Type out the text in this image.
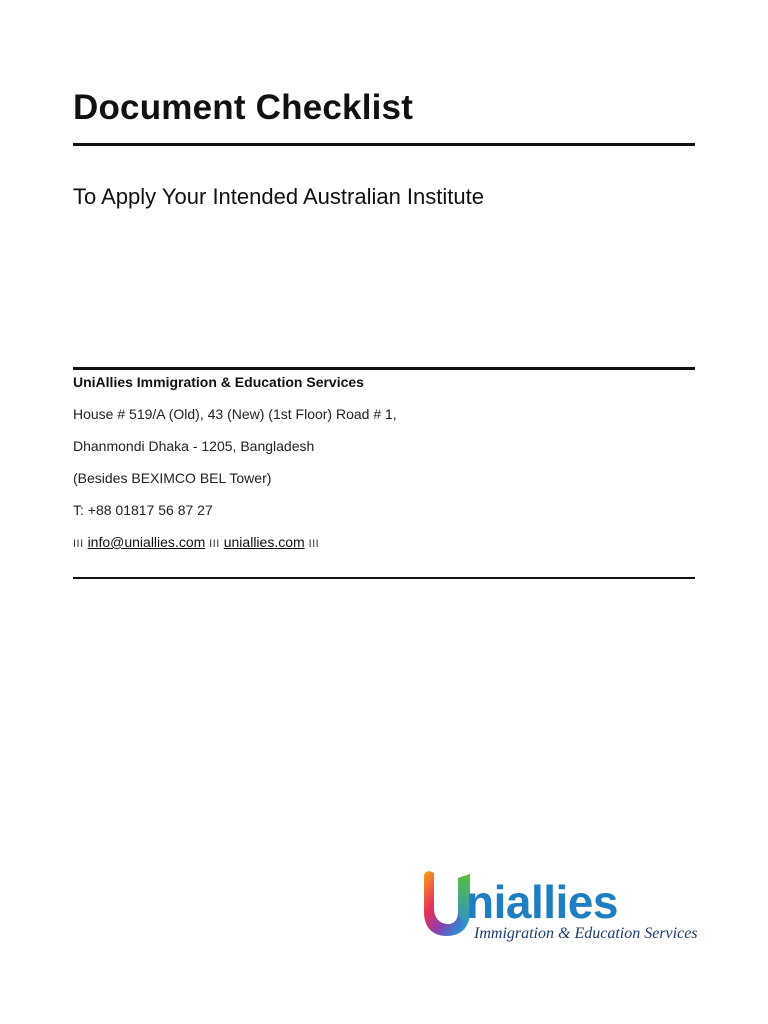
Document Checklist
To Apply Your Intended Australian Institute
UniAllies Immigration & Education Services
House # 519/A (Old), 43 (New) (1st Floor) Road # 1,
Dhanmondi Dhaka - 1205, Bangladesh
(Besides BEXIMCO BEL Tower)
T: +88 01817 56 87 27
III info@uniallies.com III uniallies.com III
niallies
Immigration & Education Services
